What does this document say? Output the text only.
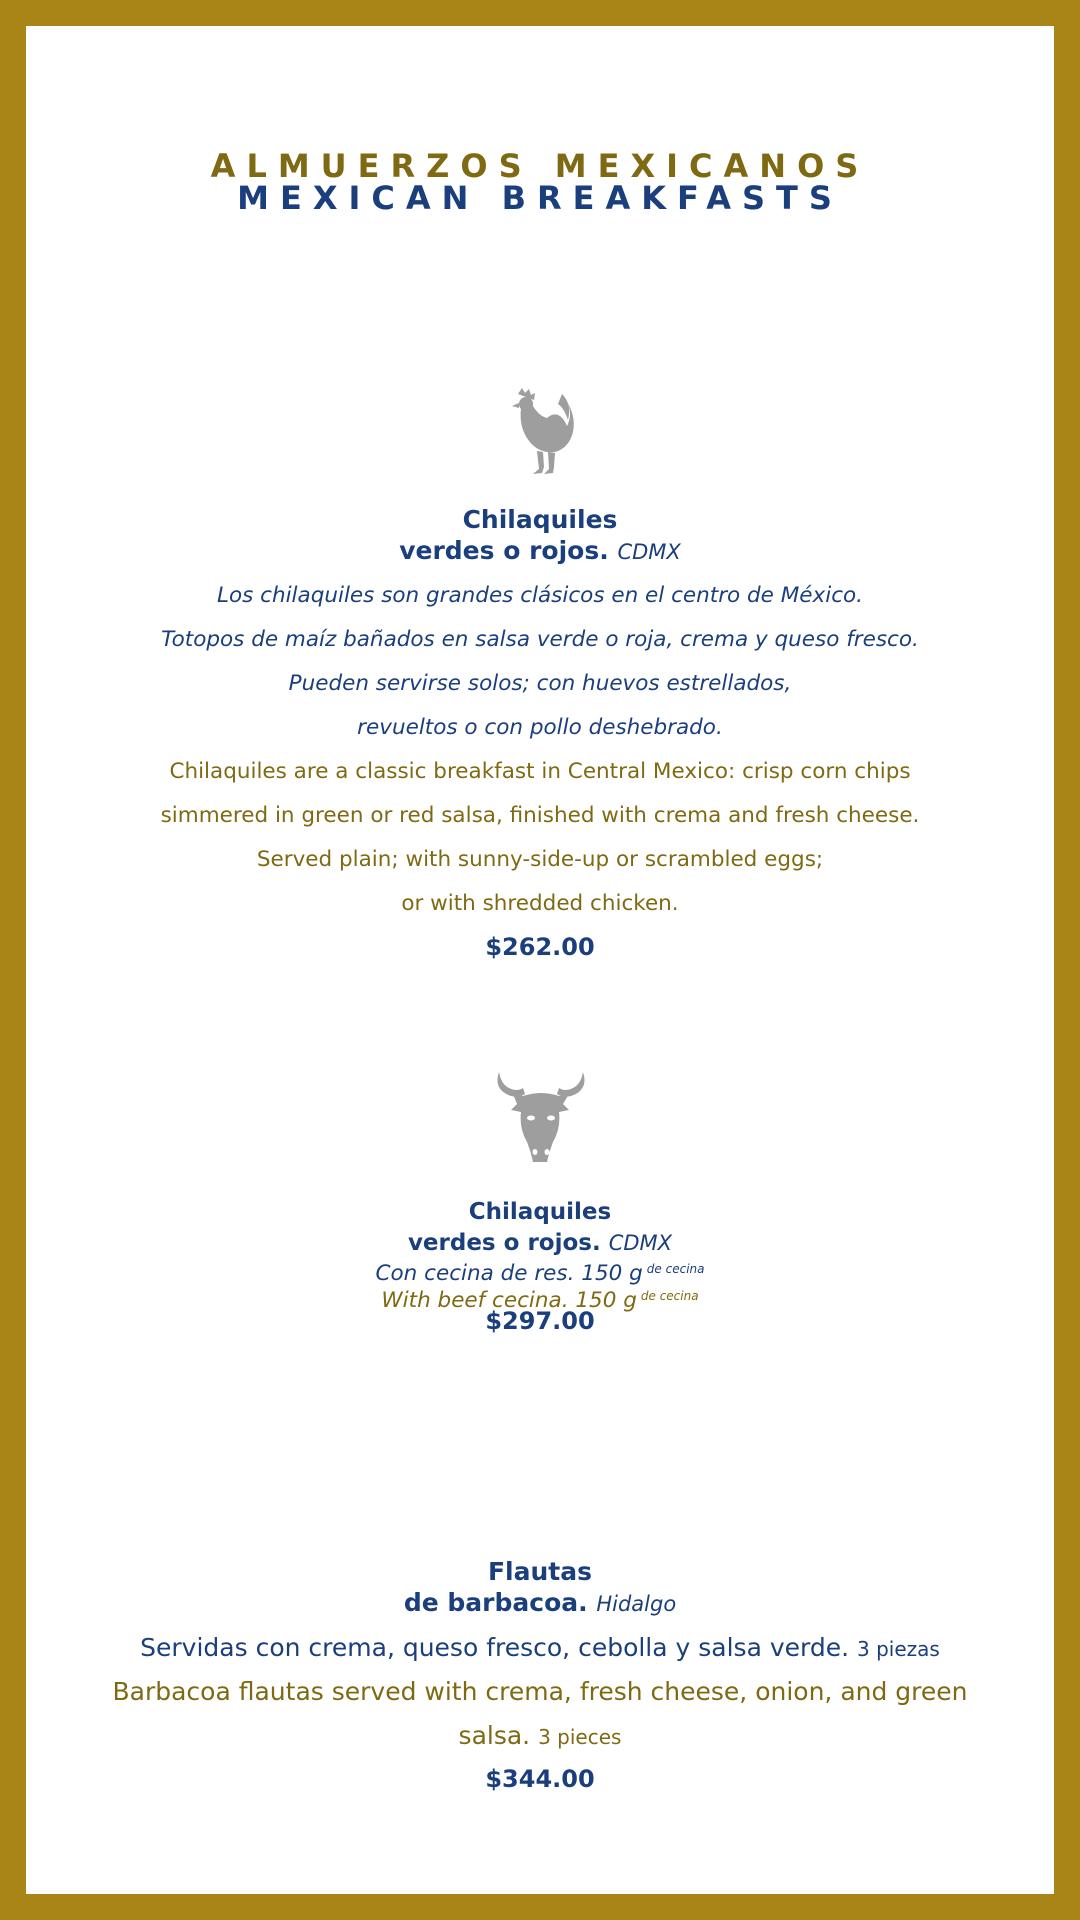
ALMUERZOS MEXICANOS

MEXICAN BREAKFASTS

Chilaquiles

verdes o rojos. CDMX

Los chilaquiles son grandes clásicos en el centro de México.

Totopos de maíz bañados en salsa verde o roja, crema y queso fresco.

Pueden servirse solos; con huevos estrellados,

revueltos o con pollo deshebrado.

Chilaquiles are a classic breakfast in Central Mexico: crisp corn chips

simmered in green or red salsa, finished with crema and fresh cheese.

Served plain; with sunny-side-up or scrambled eggs;

or with shredded chicken.

$262.00

Chilaquiles

verdes o rojos. CDMX

Con cecina de res. 150 g $^{de cecina}$

With beef cecina. 150 g $^{de cecina}$

$297.00

Flautas

de barbacoa. Hidalgo

Servidas con crema, queso fresco, cebolla y salsa verde. 3 piezas

Barbacoa flautas served with crema, fresh cheese, onion, and green

salsa. 3 pieces

$344.00
